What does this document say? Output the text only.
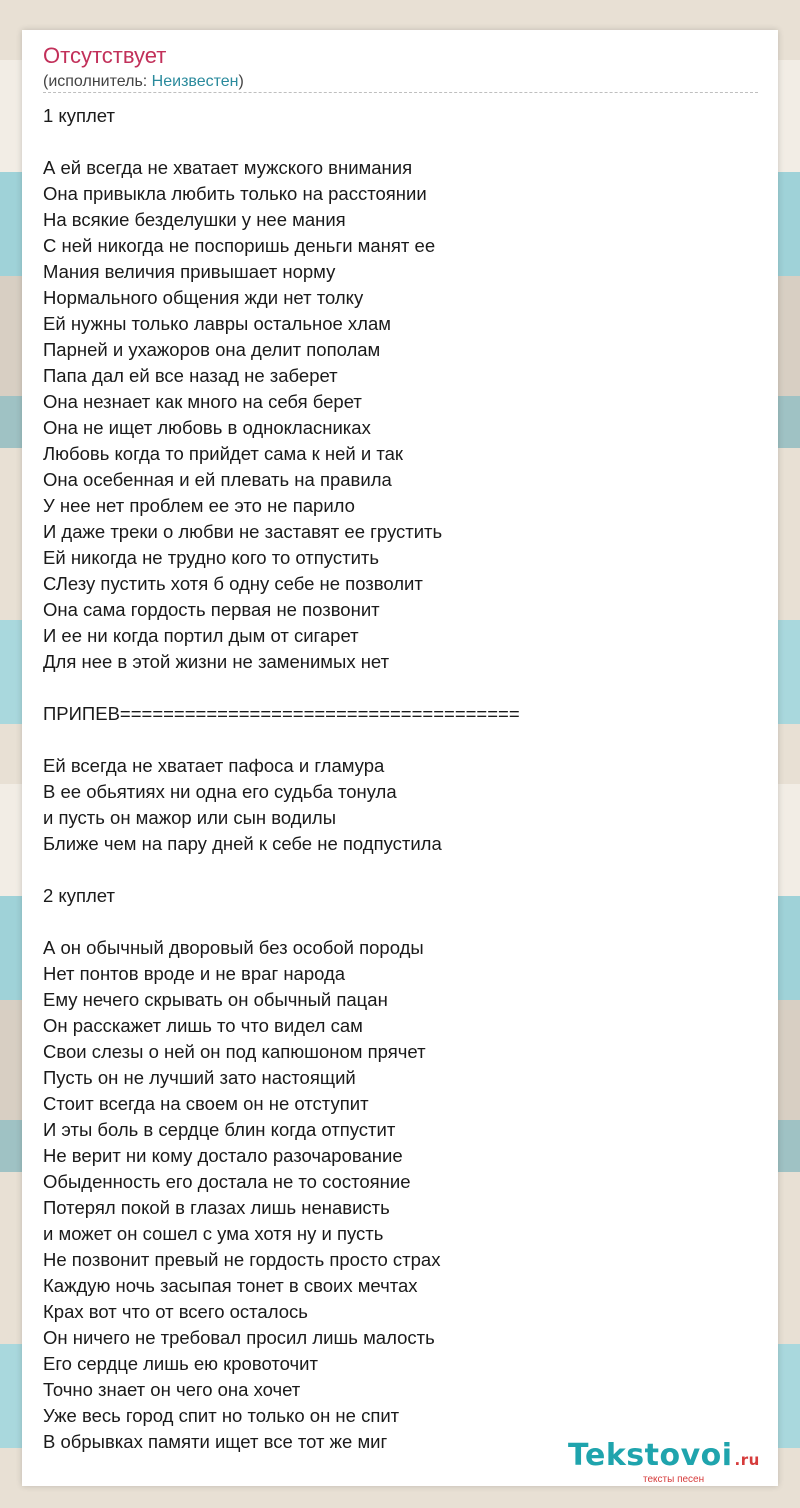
Отсутствует
(исполнитель: Неизвестен)
1 куплет
А ей всегда не хватает мужского внимания
Она привыкла любить только на расстоянии
На всякие безделушки у нее мания
С ней никогда не поспоришь деньги манят ее
Мания величия привышает норму
Нормального общения жди нет толку
Ей нужны только лавры остальное хлам
Парней и ухажоров она делит пополам
Папа дал ей все назад не заберет
Она незнает как много на себя берет
Она не ищет любовь в однокласниках
Любовь когда то прийдет сама к ней и так
Она осебенная и ей плевать на правила
У нее нет проблем ее это не парило
И даже треки о любви не заставят ее грустить
Ей никогда не трудно кого то отпустить
СЛезу пустить хотя б одну себе не позволит
Она сама гордость первая не позвонит
И ее ни когда портил дым от сигарет
Для нее в этой жизни не заменимых нет
ПРИПЕВ=====================================
Ей всегда не хватает пафоса и гламура
В ее обьятиях ни одна его судьба тонула
и пусть он мажор или сын водилы
Ближе чем на пару дней к себе не подпустила
2 куплет
А он обычный дворовый без особой породы
Нет понтов вроде и не враг народа
Ему нечего скрывать он обычный пацан
Он расскажет лишь то что видел сам
Свои слезы о ней он под капюшоном прячет
Пусть он не лучший зато настоящий
Стоит всегда на своем он не отступит
И эты боль в сердце блин когда отпустит
Не верит ни кому достало разочарование
Обыденность его достала не то состояние
Потерял покой в глазах лишь ненависть
и может он сошел с ума хотя ну и пусть
Не позвонит превый не гордость просто страх
Каждую ночь засыпая тонет в своих мечтах
Крах вот что от всего осталось
Он ничего не требовал просил лишь малость
Его сердце лишь ею кровоточит
Точно знает он чего она хочет
Уже весь город спит но только он не спит
В обрывках памяти ищет все тот же миг	Tekstovoi .ru
тексты песен
